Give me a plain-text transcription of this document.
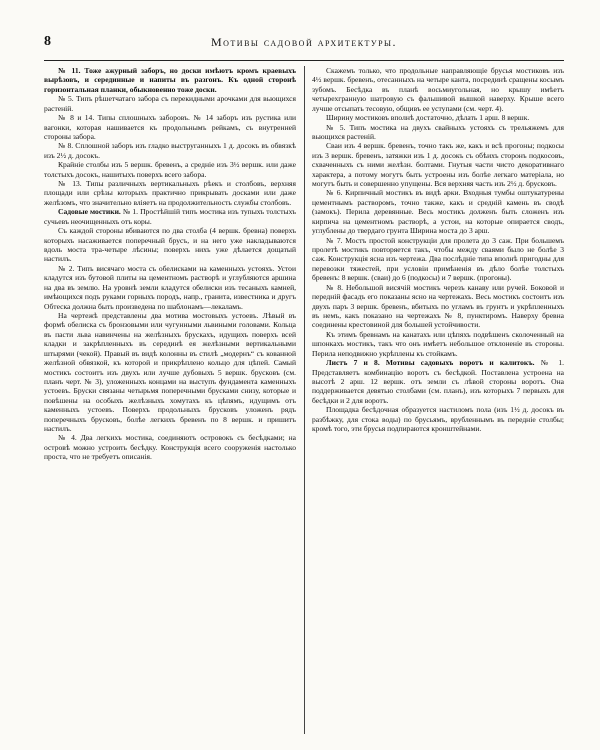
8	Мотивы садовой архитектуры.

№ 11. Тоже ажурный заборъ, но доски имѣютъ кромъ краевыхъ вырѣзовъ, и серединные и напиты въ разгонъ. Къ одной сторонѣ горизонтальная планки, обыкновенно тоже доски.

№ 5. Типъ рѣшетчатаго забора съ перекидными арочками для вьющихся растеній.

№ 8 и 14. Типы сплошныхъ заборовъ. № 14 заборъ изъ рустика или вагонки, которая нашивается къ продольнымъ рейкамъ, съ внутренней стороны забора.

№ 8. Сплошной заборъ изъ гладко выструганныхъ 1 д. досокъ въ обвязкѣ изъ 2½ д. досокъ.

Крайніе столбы изъ 5 вершк. бревенъ, а средніе изъ 3½ вершк. или даже толстыхъ досокъ, нашитыхъ поверхъ всего забора.

№ 13. Типы различныхъ вертикальныхъ рѣекъ и столбовъ, верхняя площади или срѣзы которыхъ практично прикрывать досками или даже желѣзомъ, что значительно вліяетъ на продолжительность службы столбовъ.

Садовые мостики. № 1. Простѣйшій типъ мостика изъ тупыхъ толстыхъ сучьевъ неочищенныхъ отъ коры.

Съ каждой стороны вбиваются по два столба (4 вершк. бревна) поверхъ которыхъ насаживается поперечный брусъ, и на него уже накладываются вдоль моста тра-четыре лѣсины; поверхъ нихъ уже дѣлается дощатый настилъ.

№ 2. Типъ висячаго моста съ обелисками на каменныхъ устояхъ. Устои кладутся изъ бутовой плиты на цементномъ растворѣ и углубляются аршина на два въ землю. На уровнѣ земли кладутся обелиски изъ тесаныхъ камней, имѣющихся подъ руками горныхъ породъ, напр., гранита, известника и другъ Обтеска должна быть произведена по шаблонамъ—лекаламъ.

На чертежѣ представлены два мотива мостовыхъ устоевъ. Лѣвый въ формѣ обелиска съ бронзовыми или чугунными львиными головами. Кольца въ пасти льва навинчены на желѣзныхъ брускахъ, идущихъ поверхъ всей кладки и закрѣпленныхъ въ серединѣ ея желѣзными вертикальными штырями (чекой). Правый въ видѣ колонны въ стилѣ „модернъ“ съ кованной желѣзной обвязкой, къ которой и прикрѣплено кольцо для цѣпей. Самый мостикъ состоитъ изъ двухъ или лучше дубовыхъ 5 вершк. брусковъ (см. планъ черт. № 3), уложенныхъ концами на выступъ фундамента каменныхъ устоевъ. Бруски связаны четырьмя поперечными брусками снизу, которые и повѣшены на особыхъ желѣзныхъ хомутахъ къ цѣпямъ, идущимъ отъ каменныхъ устоевъ. Поверхъ продольныхъ брусковъ уложенъ рядъ поперечныхъ брусковъ, болѣе легкихъ бревенъ по 8 вершк. и пришитъ настилъ.

№ 4. Два легкихъ мостика, соединяютъ островокъ съ бесѣдками; на островѣ можно устроить бесѣдку. Конструкція всего сооруженія настолько проста, что не требуетъ описанія.

Скажемъ только, что продольные направляющіе брусья мостиковъ изъ 4½ вершк. бревенъ, отесанныхъ на четыре канта, посрединѣ сращены косымъ зубомъ. Бесѣдка въ планѣ восьмиугольная, но крышу имѣетъ четырехгранную шатровую съ фальшивой вышкой наверху. Крыше всего лучше отсыпать тесовую, общивъ ее уступами (см. черт. 4).

Ширину мостиковъ вполнѣ достаточно, дѣлать 1 арш. 8 вершк.

№ 5. Типъ мостика на двухъ свайныхъ устояхъ съ трельяжемъ для вьющихся растеній.

Сваи изъ 4 вершк. бревенъ, точно такъ же, какъ и всѣ прогоны; подкосы изъ 3 вершк. бревенъ, затяжки изъ 1 д. досокъ съ обѣихъ сторонъ подкосовъ, схваченныхъ съ ними желѣзн. болтами. Гнутыя части чисто декоративнаго характера, а потому могутъ быть устроены изъ болѣе легкаго матеріала, но могутъ быть и совершенно упущены. Вся верхняя часть изъ 2½ д. брусковъ.

№ 6. Кирпичный мостикъ въ видѣ арки. Входныя тумбы оштукатурены цементнымъ растворомъ, точно также, какъ и средній камень въ сводѣ (замокъ). Перила деревянные. Весь мостикъ долженъ быть сложенъ изъ кирпича на цементномъ растворѣ, а устои, на которые опирается сводъ, углублены до твердаго грунта Ширина моста до 3 арш.

№ 7. Мостъ простой конструкціи для пролета до 3 саж. При большемъ пролетѣ мостикъ повторяется такъ, чтобы между сваями было не болѣе 3 саж. Конструкція ясна изъ чертежа. Два послѣдніе типа вполнѣ пригодны для перевозки тяжестей, при условіи примѣненія въ дѣло болѣе толстыхъ бревенъ: 8 вершк. (сваи) до 6 (подкосы) и 7 вершк. (прогоны).

№ 8. Небольшой висячій мостикъ черезъ канаву или ручей. Боковой и передній фасадъ его показаны ясно на чертежахъ. Весь мостикъ состоитъ изъ двухъ паръ 3 вершк. бревенъ, вбитыхъ по угламъ въ грунтъ и укрѣпленныхъ въ немъ, какъ показано на чертежахъ № 8, пунктиромъ. Наверху бревна соединены крестовиной для большей устойчивости.

Къ этимъ бревнамъ на канатахъ или цѣпяхъ подвѣшенъ сколоченный на шпонкахъ мостикъ, такъ что онъ имѣетъ небольшое отклоненіе въ стороны. Перила неподвижно укрѣплены къ стойкамъ.

Листъ 7 и 8. Мотивы садовыхъ воротъ и калитокъ. № 1. Представляетъ комбинацію воротъ съ бесѣдкой. Поставлена устроена на высотѣ 2 арш. 12 вершк. отъ земли съ лѣвой стороны воротъ. Она поддерживается девятью столбами (см. планъ), изъ которыхъ 7 первыхъ для бесѣдки и 2 для воротъ.

Площадка бесѣдочная образуется настиломъ пола (изъ 1½ д. досокъ въ разбѣжку, для стока воды) по брусьямъ, врубленнымъ въ передніе столбы; кромѣ того, эти брусья подпираются кронштейнами.
